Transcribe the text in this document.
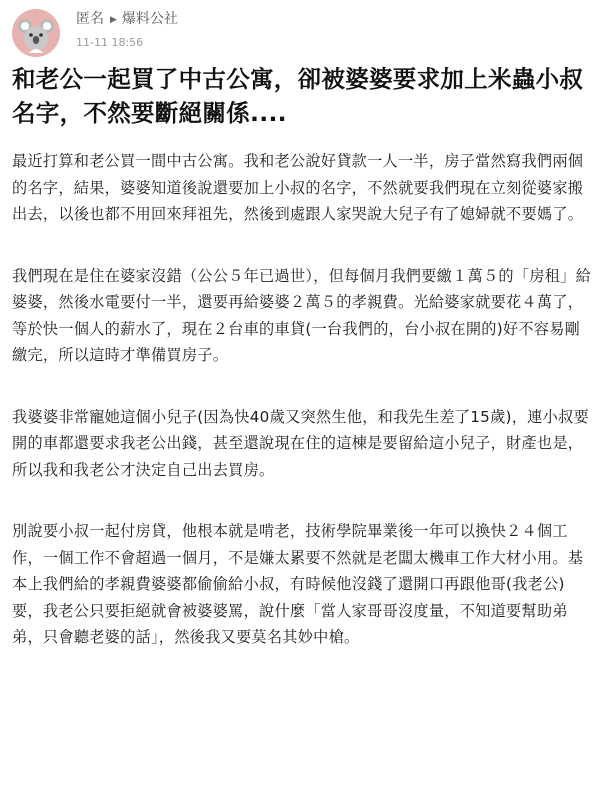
匿名 ▶ 爆料公社
11-11 18:56
和老公一起買了中古公寓，卻被婆婆要求加上米蟲小叔名字，不然要斷絕關係....

最近打算和老公買一間中古公寓。我和老公說好貸款一人一半，房子當然寫我們兩個的名字，結果，婆婆知道後說還要加上小叔的名字，不然就要我們現在立刻從婆家搬出去，以後也都不用回來拜祖先，然後到處跟人家哭說大兒子有了媳婦就不要媽了。

我們現在是住在婆家沒錯（公公５年已過世），但每個月我們要繳１萬５的「房租」給婆婆，然後水電要付一半，還要再給婆婆２萬５的孝親費。光給婆家就要花４萬了，等於快一個人的薪水了，現在２台車的車貸(一台我們的，台小叔在開的)好不容易剛繳完，所以這時才準備買房子。

我婆婆非常寵她這個小兒子(因為快40歲又突然生他，和我先生差了15歲)，連小叔要開的車都還要求我老公出錢，甚至還說現在住的這棟是要留給這小兒子，財產也是，所以我和我老公才決定自己出去買房。

別說要小叔一起付房貸，他根本就是啃老，技術學院畢業後一年可以換快２４個工作，一個工作不會超過一個月，不是嫌太累要不然就是老闆太機車工作大材小用。基本上我們給的孝親費婆婆都偷偷給小叔，有時候他沒錢了還開口再跟他哥(我老公)要，我老公只要拒絕就會被婆婆罵，說什麼「當人家哥哥沒度量，不知道要幫助弟弟，只會聽老婆的話」，然後我又要莫名其妙中槍。
